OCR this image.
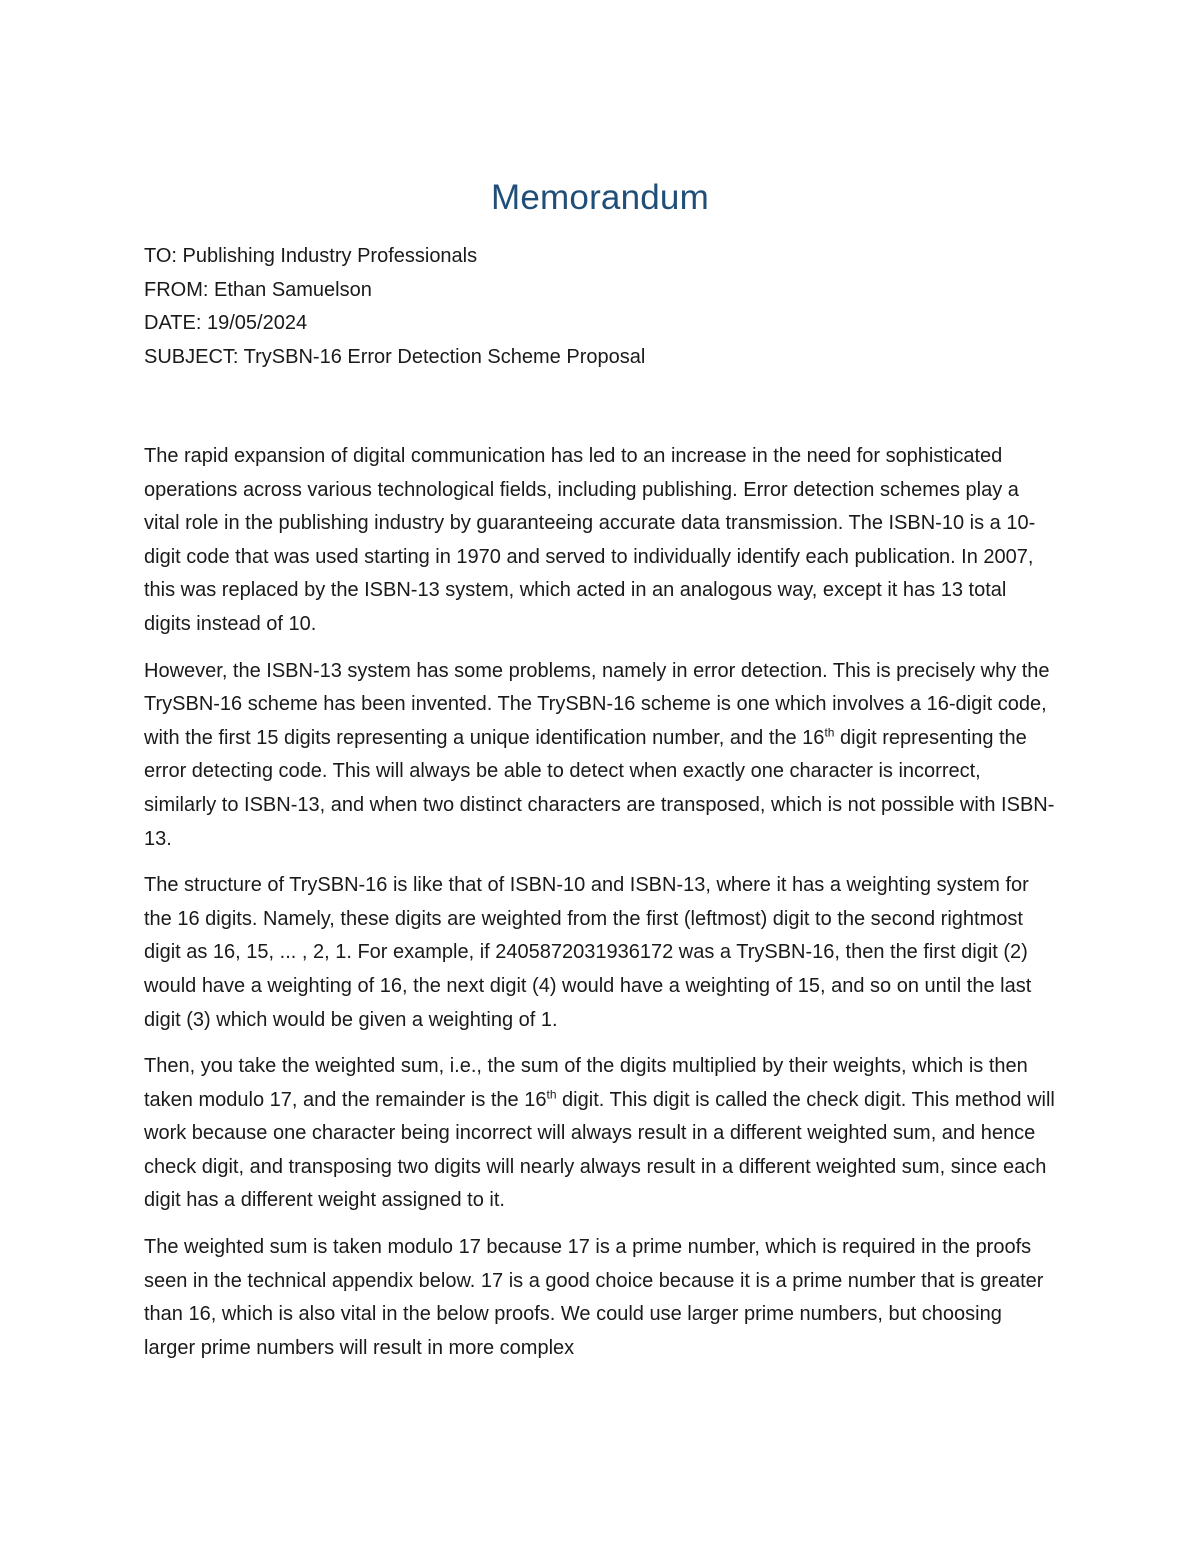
Memorandum

TO: Publishing Industry Professionals

FROM: Ethan Samuelson

DATE: 19/05/2024

SUBJECT: TrySBN-16 Error Detection Scheme Proposal

The rapid expansion of digital communication has led to an increase in the need for sophisticated operations across various technological fields, including publishing. Error detection schemes play a vital role in the publishing industry by guaranteeing accurate data transmission. The ISBN-10 is a 10-digit code that was used starting in 1970 and served to individually identify each publication. In 2007, this was replaced by the ISBN-13 system, which acted in an analogous way, except it has 13 total digits instead of 10.

However, the ISBN-13 system has some problems, namely in error detection. This is precisely why the TrySBN-16 scheme has been invented. The TrySBN-16 scheme is one which involves a 16-digit code, with the first 15 digits representing a unique identification number, and the 16th digit representing the error detecting code. This will always be able to detect when exactly one character is incorrect, similarly to ISBN-13, and when two distinct characters are transposed, which is not possible with ISBN-13.

The structure of TrySBN-16 is like that of ISBN-10 and ISBN-13, where it has a weighting system for the 16 digits. Namely, these digits are weighted from the first (leftmost) digit to the second rightmost digit as 16, 15, ... , 2, 1. For example, if 2405872031936172 was a TrySBN-16, then the first digit (2) would have a weighting of 16, the next digit (4) would have a weighting of 15, and so on until the last digit (3) which would be given a weighting of 1.

Then, you take the weighted sum, i.e., the sum of the digits multiplied by their weights, which is then taken modulo 17, and the remainder is the 16th digit. This digit is called the check digit. This method will work because one character being incorrect will always result in a different weighted sum, and hence check digit, and transposing two digits will nearly always result in a different weighted sum, since each digit has a different weight assigned to it.

The weighted sum is taken modulo 17 because 17 is a prime number, which is required in the proofs seen in the technical appendix below. 17 is a good choice because it is a prime number that is greater than 16, which is also vital in the below proofs. We could use larger prime numbers, but choosing larger prime numbers will result in more complex
